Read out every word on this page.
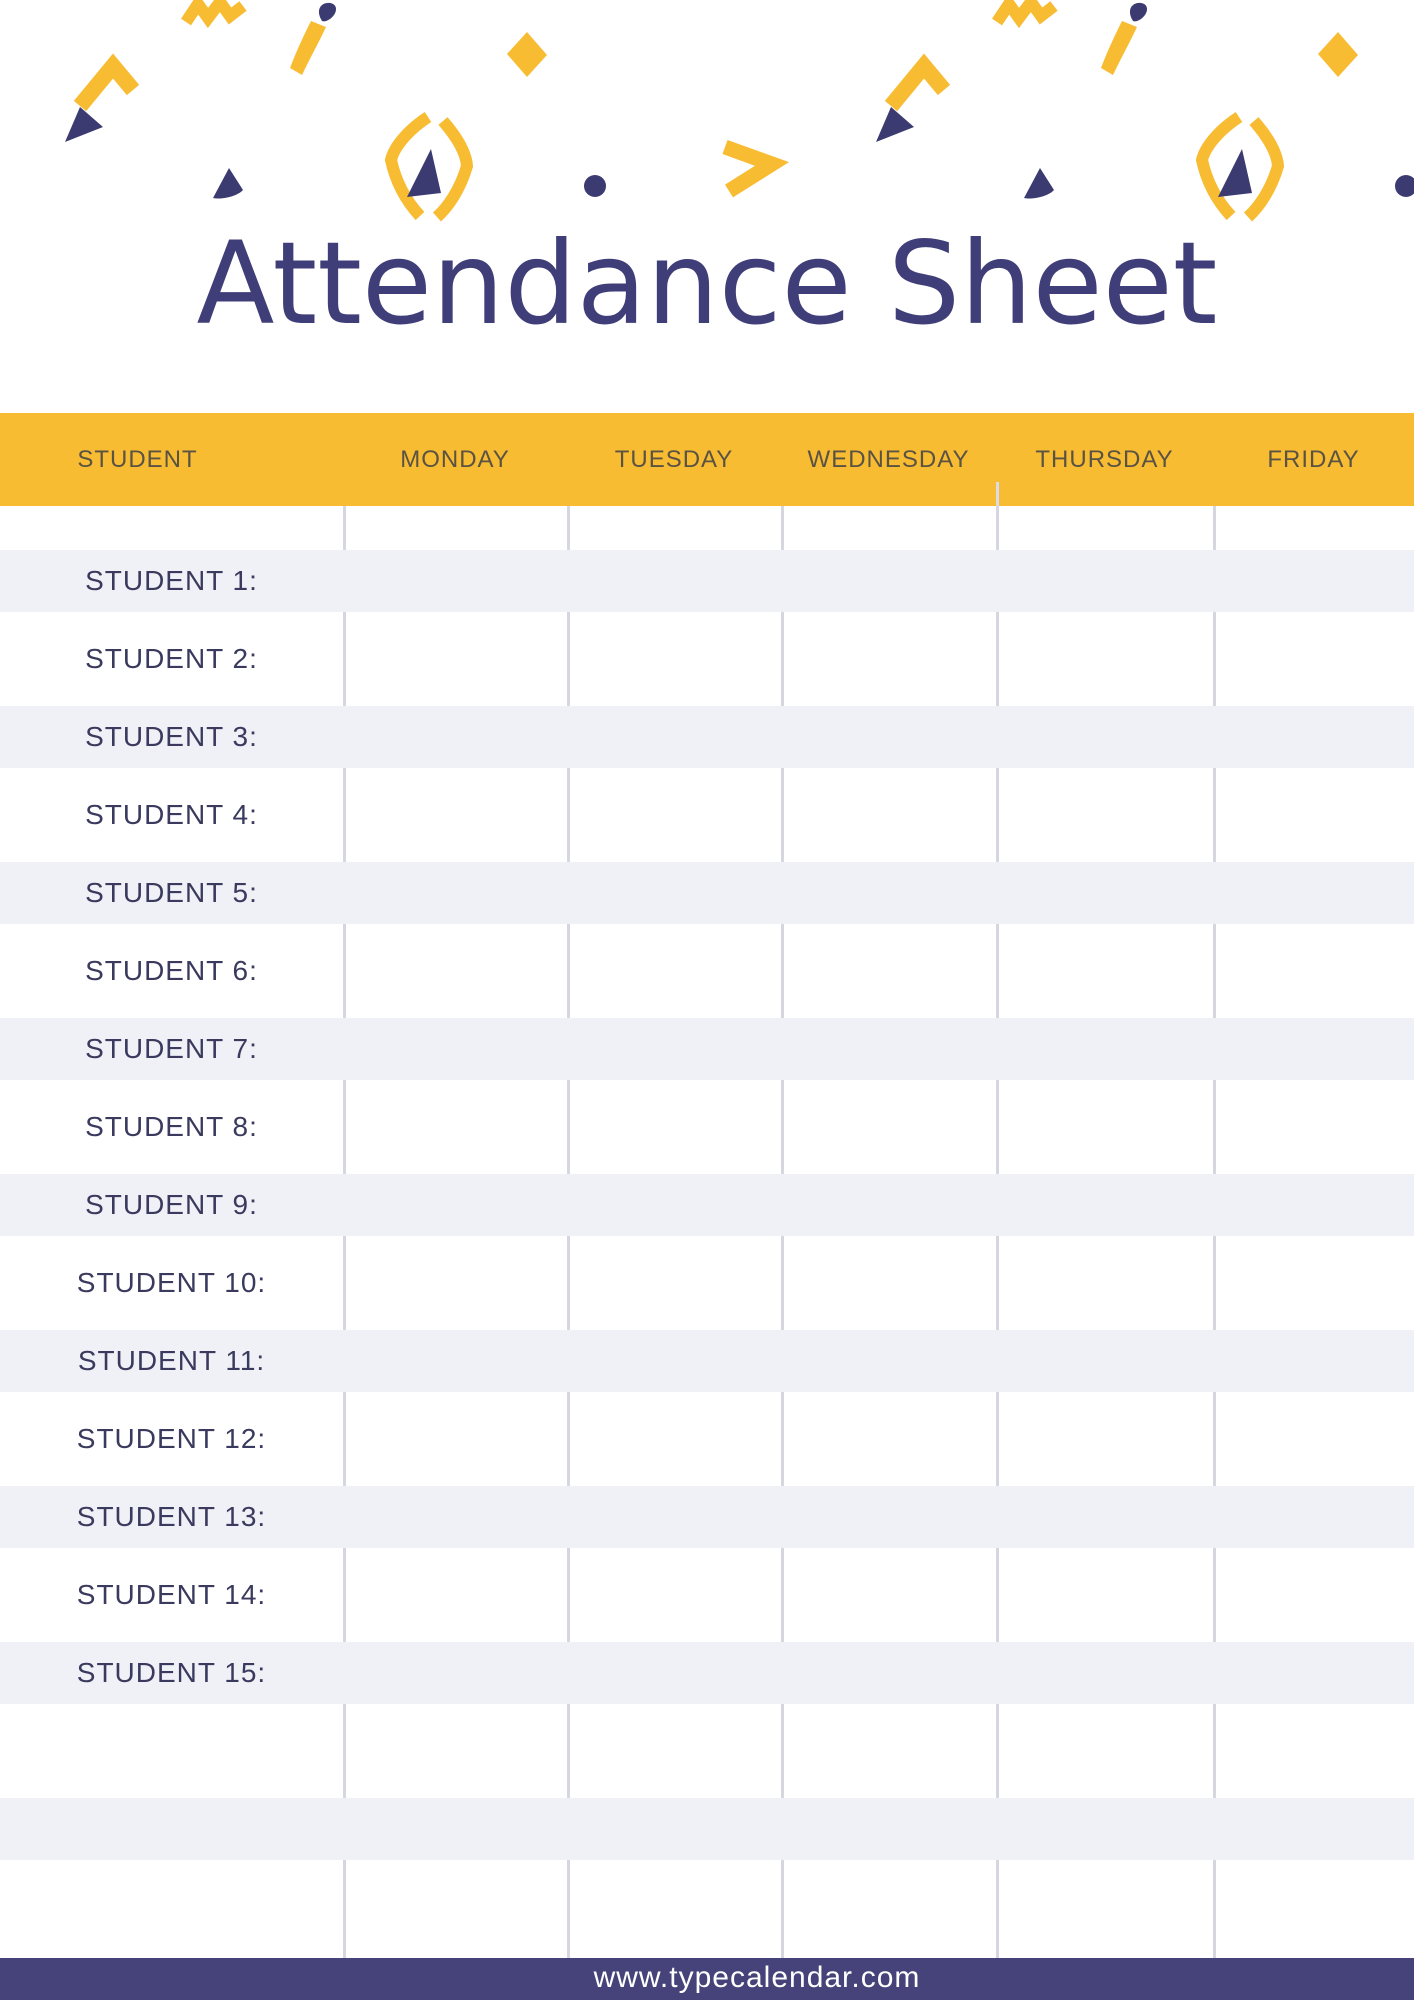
Attendance Sheet
STUDENT	MONDAY	TUESDAY	WEDNESDAY	THURSDAY	FRIDAY
STUDENT 1:
STUDENT 2:
STUDENT 3:
STUDENT 4:
STUDENT 5:
STUDENT 6:
STUDENT 7:
STUDENT 8:
STUDENT 9:
STUDENT 10:
STUDENT 11:
STUDENT 12:
STUDENT 13:
STUDENT 14:
STUDENT 15:
www.typecalendar.com
